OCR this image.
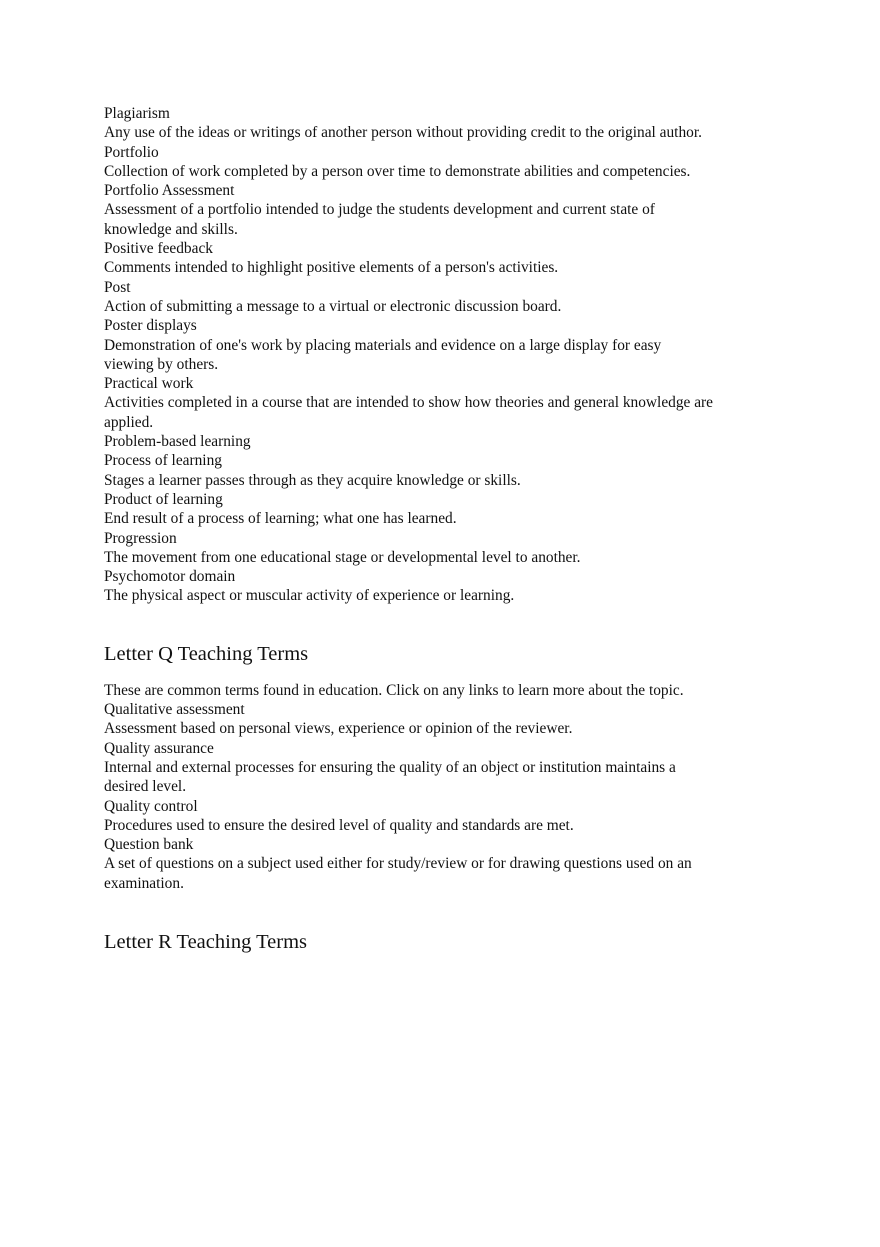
Plagiarism

Any use of the ideas or writings of another person without providing credit to the original author.

Portfolio

Collection of work completed by a person over time to demonstrate abilities and competencies.

Portfolio Assessment

Assessment of a portfolio intended to judge the students development and current state of knowledge and skills.

Positive feedback

Comments intended to highlight positive elements of a person's activities.

Post

Action of submitting a message to a virtual or electronic discussion board.

Poster displays

Demonstration of one's work by placing materials and evidence on a large display for easy viewing by others.

Practical work

Activities completed in a course that are intended to show how theories and general knowledge are applied.

Problem-based learning

Process of learning

Stages a learner passes through as they acquire knowledge or skills.

Product of learning

End result of a process of learning; what one has learned.

Progression

The movement from one educational stage or developmental level to another.

Psychomotor domain

The physical aspect or muscular activity of experience or learning.

Letter Q Teaching Terms

These are common terms found in education. Click on any links to learn more about the topic.

Qualitative assessment

Assessment based on personal views, experience or opinion of the reviewer.

Quality assurance

Internal and external processes for ensuring the quality of an object or institution maintains a desired level.

Quality control

Procedures used to ensure the desired level of quality and standards are met.

Question bank

A set of questions on a subject used either for study/review or for drawing questions used on an examination.

Letter R Teaching Terms
